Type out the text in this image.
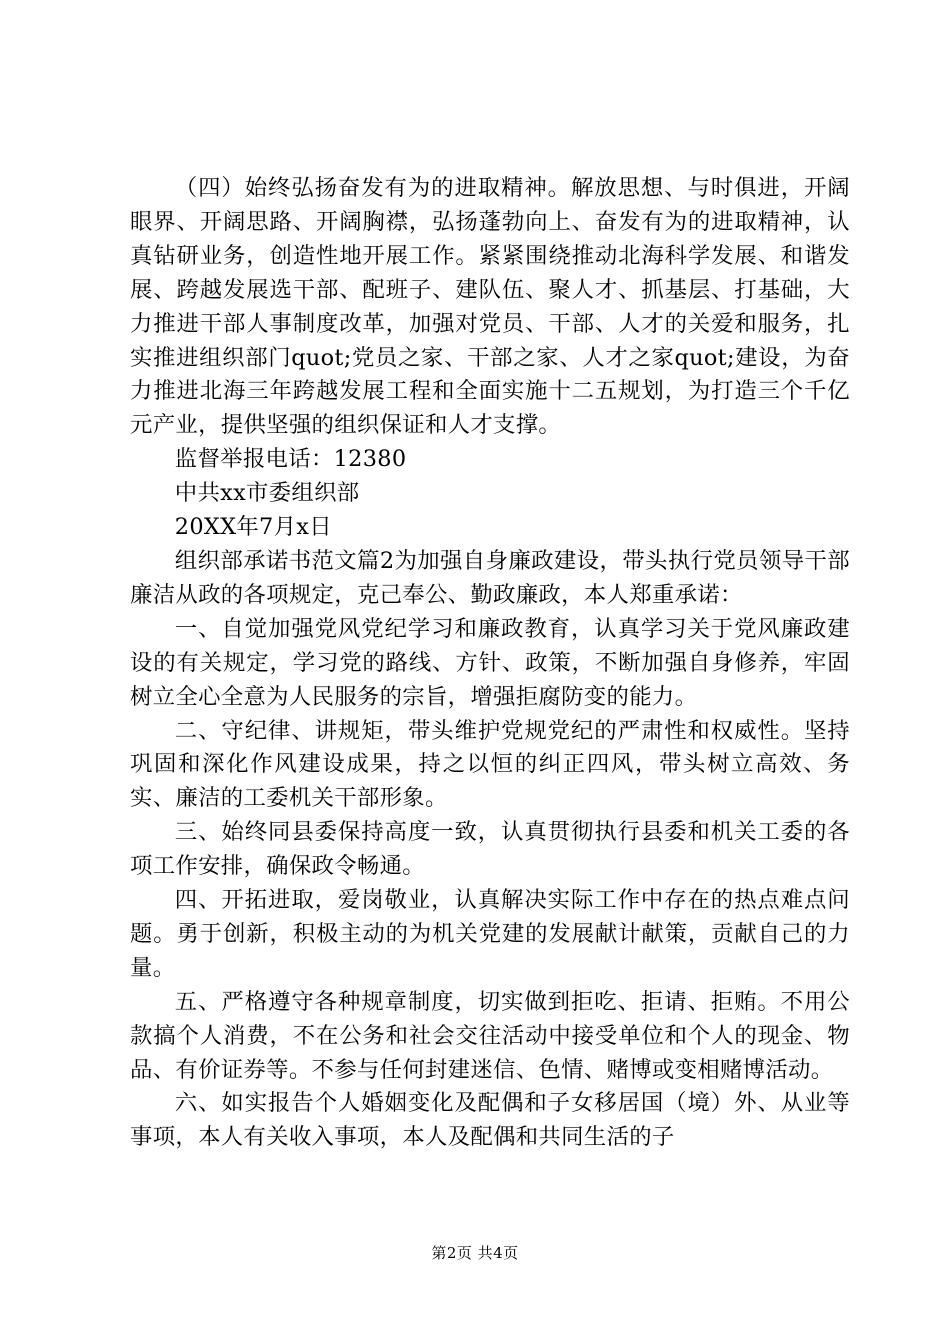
（四）始终弘扬奋发有为的进取精神。解放思想、与时俱进，开阔眼界、开阔思路、开阔胸襟，弘扬蓬勃向上、奋发有为的进取精神，认真钻研业务，创造性地开展工作。紧紧围绕推动北海科学发展、和谐发展、跨越发展选干部、配班子、建队伍、聚人才、抓基层、打基础，大力推进干部人事制度改革，加强对党员、干部、人才的关爱和服务，扎实推进组织部门quot;党员之家、干部之家、人才之家quot;建设，为奋力推进北海三年跨越发展工程和全面实施十二五规划，为打造三个千亿元产业，提供坚强的组织保证和人才支撑。

监督举报电话：12380

中共xx市委组织部

20XX年7月x日

组织部承诺书范文篇2为加强自身廉政建设，带头执行党员领导干部廉洁从政的各项规定，克己奉公、勤政廉政，本人郑重承诺：

一、自觉加强党风党纪学习和廉政教育，认真学习关于党风廉政建设的有关规定，学习党的路线、方针、政策，不断加强自身修养，牢固树立全心全意为人民服务的宗旨，增强拒腐防变的能力。

二、守纪律、讲规矩，带头维护党规党纪的严肃性和权威性。坚持巩固和深化作风建设成果，持之以恒的纠正四风，带头树立高效、务实、廉洁的工委机关干部形象。

三、始终同县委保持高度一致，认真贯彻执行县委和机关工委的各项工作安排，确保政令畅通。

四、开拓进取，爱岗敬业，认真解决实际工作中存在的热点难点问题。勇于创新，积极主动的为机关党建的发展献计献策，贡献自己的力量。

五、严格遵守各种规章制度，切实做到拒吃、拒请、拒贿。不用公款搞个人消费，不在公务和社会交往活动中接受单位和个人的现金、物品、有价证券等。不参与任何封建迷信、色情、赌博或变相赌博活动。

六、如实报告个人婚姻变化及配偶和子女移居国（境）外、从业等事项，本人有关收入事项，本人及配偶和共同生活的子

第2页 共4页
